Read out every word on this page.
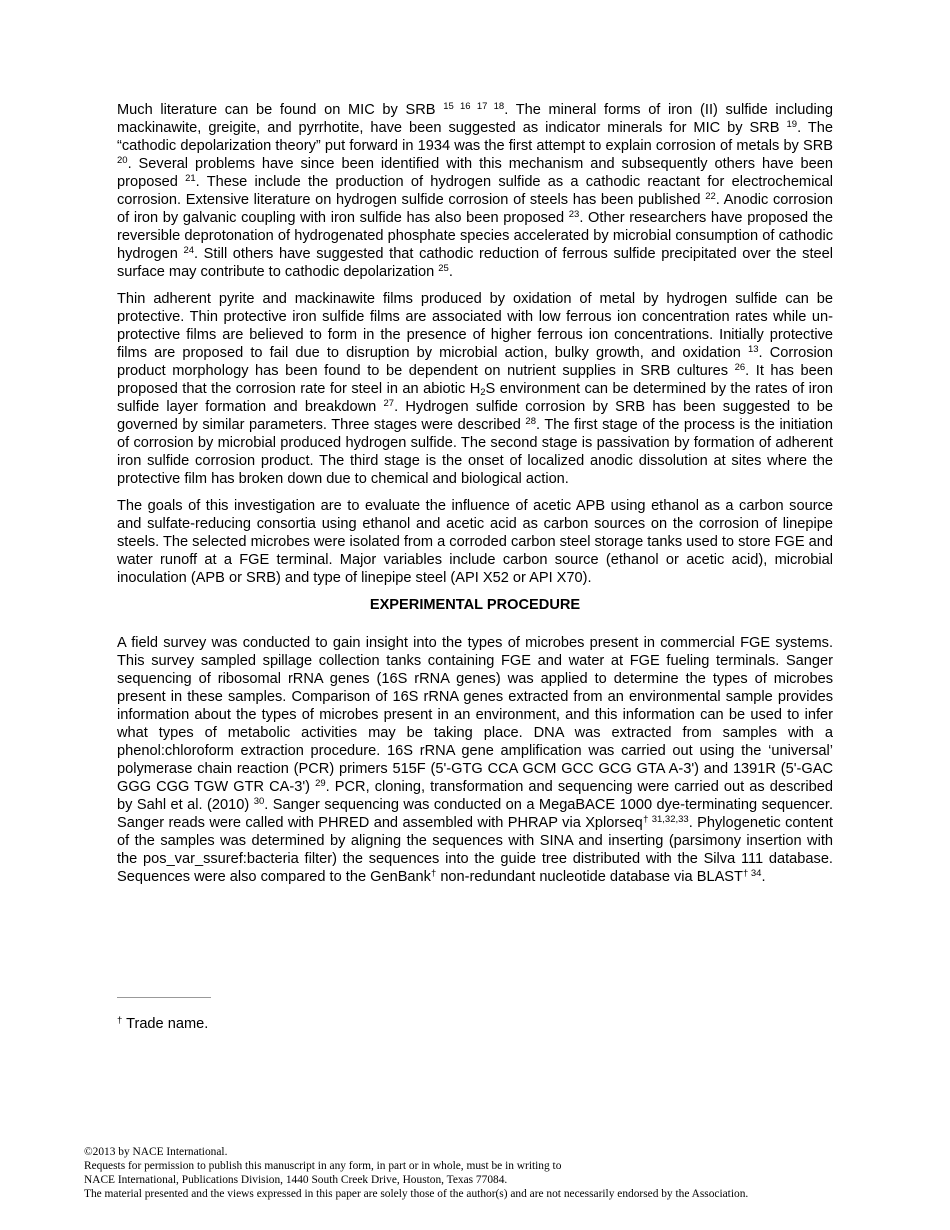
Much literature can be found on MIC by SRB $^{15 16 17 18}$. The mineral forms of iron (II) sulfide including mackinawite, greigite, and pyrrhotite, have been suggested as indicator minerals for MIC by SRB $^{19}$. The “cathodic depolarization theory” put forward in 1934 was the first attempt to explain corrosion of metals by SRB $^{20}$. Several problems have since been identified with this mechanism and subsequently others have been proposed $^{21}$. These include the production of hydrogen sulfide as a cathodic reactant for electrochemical corrosion. Extensive literature on hydrogen sulfide corrosion of steels has been published $^{22}$. Anodic corrosion of iron by galvanic coupling with iron sulfide has also been proposed $^{23}$. Other researchers have proposed the reversible deprotonation of hydrogenated phosphate species accelerated by microbial consumption of cathodic hydrogen $^{24}$. Still others have suggested that cathodic reduction of ferrous sulfide precipitated over the steel surface may contribute to cathodic depolarization $^{25}$.

Thin adherent pyrite and mackinawite films produced by oxidation of metal by hydrogen sulfide can be protective. Thin protective iron sulfide films are associated with low ferrous ion concentration rates while un-protective films are believed to form in the presence of higher ferrous ion concentrations. Initially protective films are proposed to fail due to disruption by microbial action, bulky growth, and oxidation $^{13}$. Corrosion product morphology has been found to be dependent on nutrient supplies in SRB cultures $^{26}$. It has been proposed that the corrosion rate for steel in an abiotic $H_2S$ environment can be determined by the rates of iron sulfide layer formation and breakdown $^{27}$. Hydrogen sulfide corrosion by SRB has been suggested to be governed by similar parameters. Three stages were described $^{28}$. The first stage of the process is the initiation of corrosion by microbial produced hydrogen sulfide. The second stage is passivation by formation of adherent iron sulfide corrosion product. The third stage is the onset of localized anodic dissolution at sites where the protective film has broken down due to chemical and biological action.

The goals of this investigation are to evaluate the influence of acetic APB using ethanol as a carbon source and sulfate-reducing consortia using ethanol and acetic acid as carbon sources on the corrosion of linepipe steels. The selected microbes were isolated from a corroded carbon steel storage tanks used to store FGE and water runoff at a FGE terminal. Major variables include carbon source (ethanol or acetic acid), microbial inoculation (APB or SRB) and type of linepipe steel (API X52 or API X70).

EXPERIMENTAL PROCEDURE

A field survey was conducted to gain insight into the types of microbes present in commercial FGE systems. This survey sampled spillage collection tanks containing FGE and water at FGE fueling terminals. Sanger sequencing of ribosomal rRNA genes (16S rRNA genes) was applied to determine the types of microbes present in these samples. Comparison of 16S rRNA genes extracted from an environmental sample provides information about the types of microbes present in an environment, and this information can be used to infer what types of metabolic activities may be taking place. DNA was extracted from samples with a phenol:chloroform extraction procedure. 16S rRNA gene amplification was carried out using the ‘universal’ polymerase chain reaction (PCR) primers 515F (5'-GTG CCA GCM GCC GCG GTA A-3') and 1391R (5'-GAC GGG CGG TGW GTR CA-3') $^{29}$. PCR, cloning, transformation and sequencing were carried out as described by Sahl et al. (2010) $^{30}$. Sanger sequencing was conducted on a MegaBACE 1000 dye-terminating sequencer. Sanger reads were called with PHRED and assembled with PHRAP via Xplorseq$^{\dagger 31,32,33}$. Phylogenetic content of the samples was determined by aligning the sequences with SINA and inserting (parsimony insertion with the pos_var_ssuref:bacteria filter) the sequences into the guide tree distributed with the Silva 111 database. Sequences were also compared to the GenBank† non-redundant nucleotide database via BLAST$^{\dagger 34}$.

† Trade name.
©2013 by NACE International.
Requests for permission to publish this manuscript in any form, in part or in whole, must be in writing to
NACE International, Publications Division, 1440 South Creek Drive, Houston, Texas 77084.
The material presented and the views expressed in this paper are solely those of the author(s) and are not necessarily endorsed by the Association.
